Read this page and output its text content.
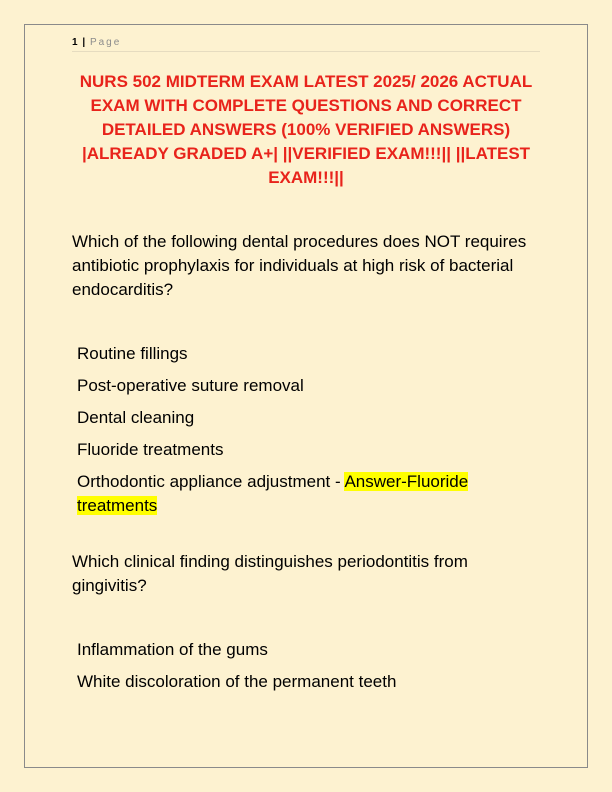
1 | Page
NURS 502 MIDTERM EXAM LATEST 2025/ 2026 ACTUAL EXAM WITH COMPLETE QUESTIONS AND CORRECT DETAILED ANSWERS (100% VERIFIED ANSWERS) |ALREADY GRADED A+| ||VERIFIED EXAM!!!|| ||LATEST EXAM!!!||

Which of the following dental procedures does NOT requires antibiotic prophylaxis for individuals at high risk of bacterial endocarditis?

Routine fillings
Post-operative suture removal
Dental cleaning
Fluoride treatments
Orthodontic appliance adjustment - Answer-Fluoride treatments

Which clinical finding distinguishes periodontitis from gingivitis?

Inflammation of the gums
White discoloration of the permanent teeth
